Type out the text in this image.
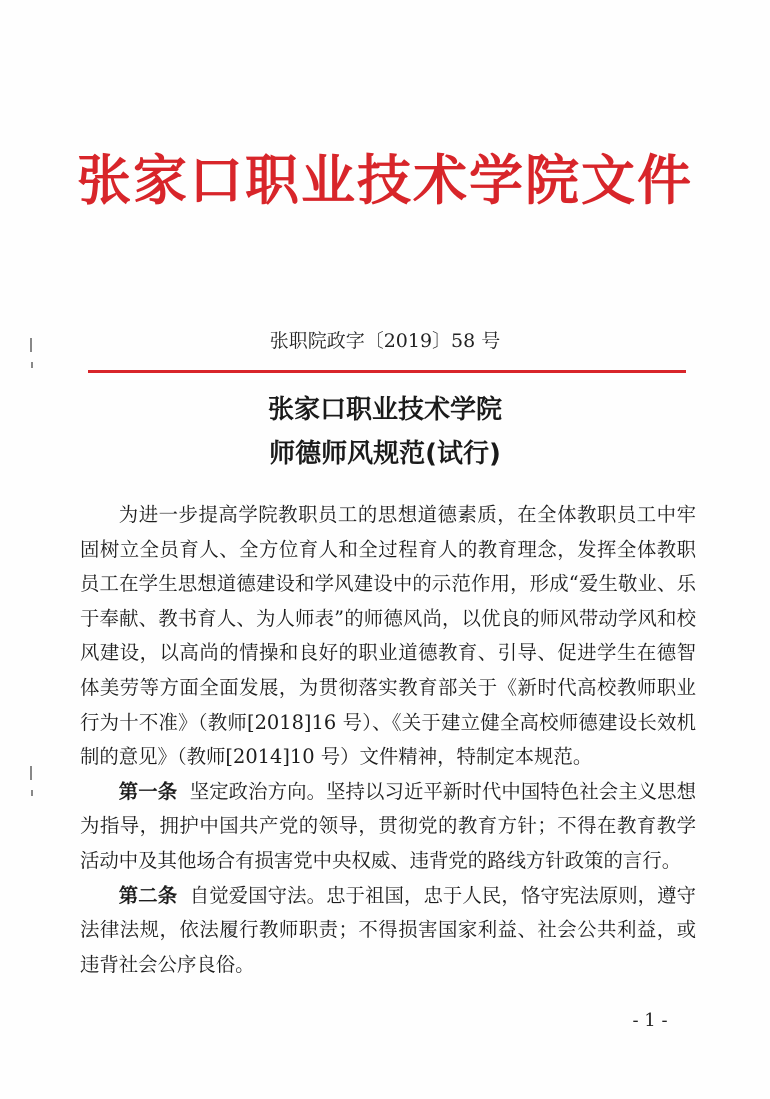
张家口职业技术学院文件
张职院政字〔2019〕58 号
张家口职业技术学院
师德师风规范(试行)

为进一步提高学院教职员工的思想道德素质，在全体教职员工中牢固树立全员育人、全方位育人和全过程育人的教育理念，发挥全体教职员工在学生思想道德建设和学风建设中的示范作用，形成“爱生敬业、乐于奉献、教书育人、为人师表”的师德风尚，以优良的师风带动学风和校风建设，以高尚的情操和良好的职业道德教育、引导、促进学生在德智体美劳等方面全面发展，为贯彻落实教育部关于《新时代高校教师职业行为十不准》（教师[2018]16 号）、《关于建立健全高校师德建设长效机制的意见》（教师[2014]10 号）文件精神，特制定本规范。

第一条 坚定政治方向。坚持以习近平新时代中国特色社会主义思想为指导，拥护中国共产党的领导，贯彻党的教育方针；不得在教育教学活动中及其他场合有损害党中央权威、违背党的路线方针政策的言行。

第二条 自觉爱国守法。忠于祖国，忠于人民，恪守宪法原则，遵守法律法规，依法履行教师职责；不得损害国家利益、社会公共利益，或违背社会公序良俗。

- 1 -
